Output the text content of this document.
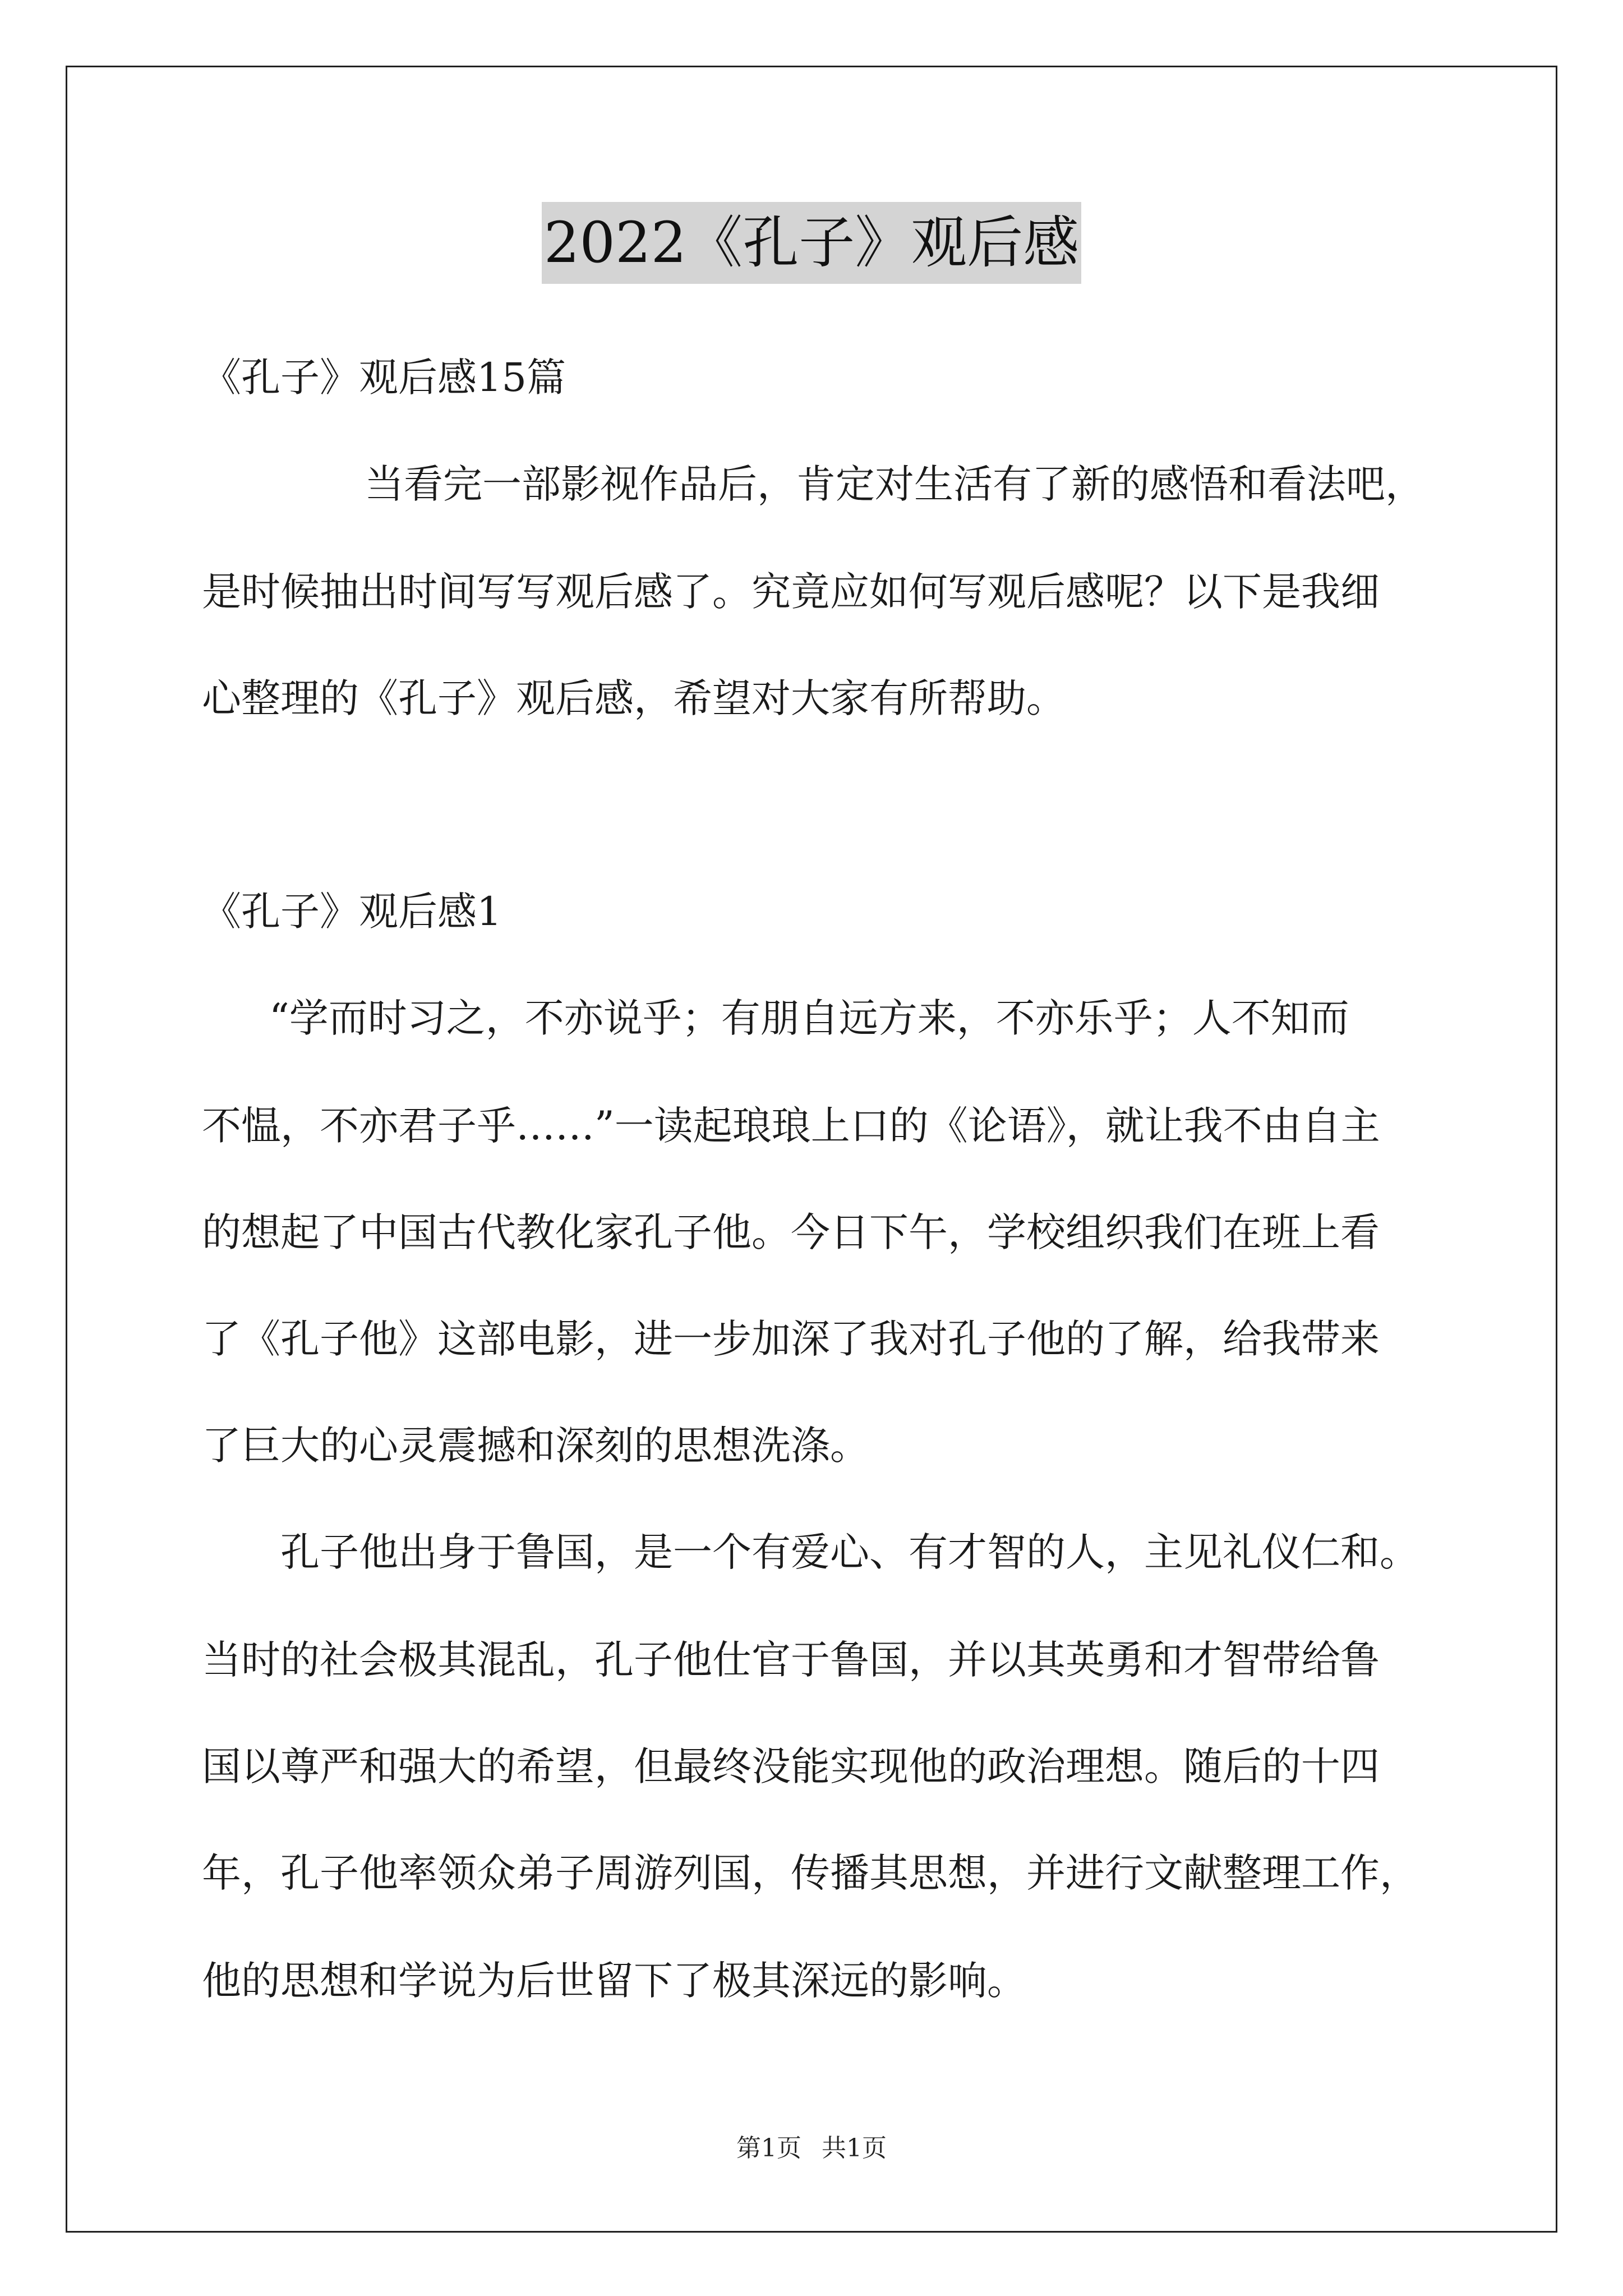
2022《孔子》观后感
《孔子》观后感15篇
当看完一部影视作品后，肯定对生活有了新的感悟和看法吧，
是时候抽出时间写写观后感了。究竟应如何写观后感呢？以下是我细
心整理的《孔子》观后感，希望对大家有所帮助。
《孔子》观后感1
“学而时习之，不亦说乎；有朋自远方来，不亦乐乎；人不知而
不愠，不亦君子乎……”一读起琅琅上口的《论语》，就让我不由自主
的想起了中国古代教化家孔子他。今日下午，学校组织我们在班上看
了《孔子他》这部电影，进一步加深了我对孔子他的了解，给我带来
了巨大的心灵震撼和深刻的思想洗涤。
孔子他出身于鲁国，是一个有爱心、有才智的人，主见礼仪仁和。
当时的社会极其混乱，孔子他仕官于鲁国，并以其英勇和才智带给鲁
国以尊严和强大的希望，但最终没能实现他的政治理想。随后的十四
年，孔子他率领众弟子周游列国，传播其思想，并进行文献整理工作，
他的思想和学说为后世留下了极其深远的影响。
第1页 共1页
